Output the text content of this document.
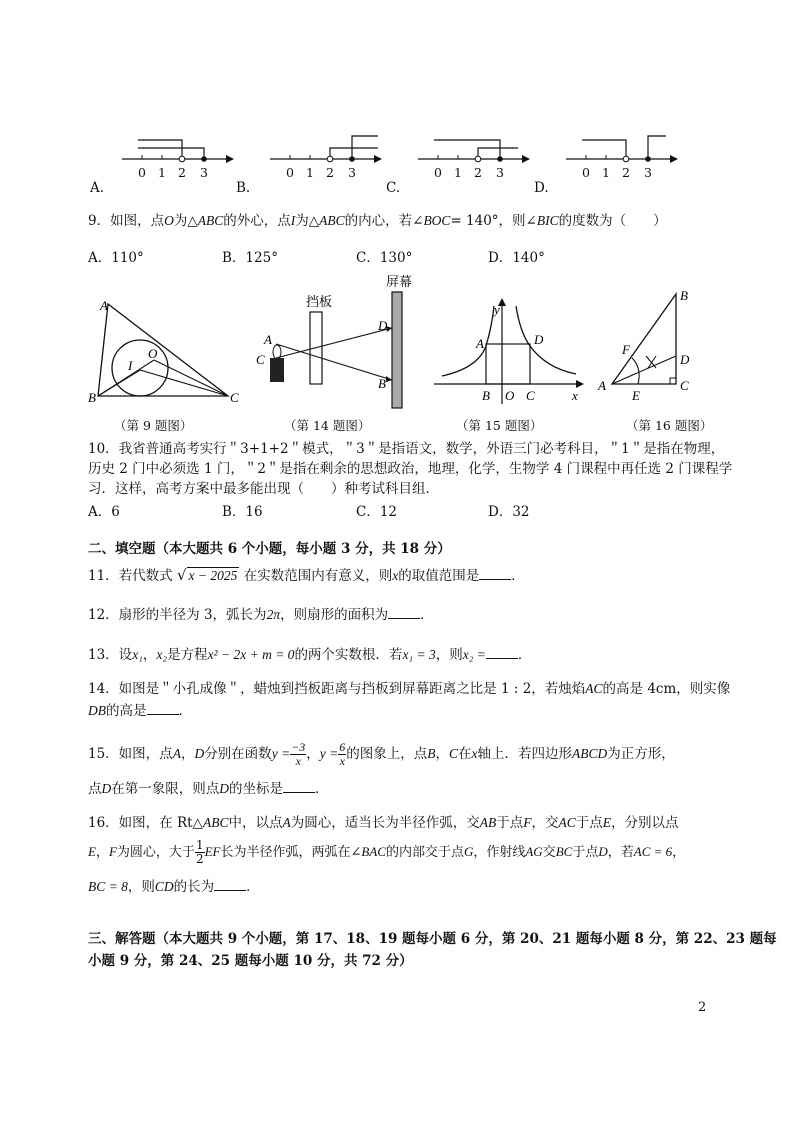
0 1 2 3	0 1 2 3	0 1 2 3	0 1 2 3
A.	B.	C.	D.
9．如图，点O为△ABC的外心，点I为△ABC的内心，若∠BOC= 140°，则∠BIC的度数为（　　）
A．110°	B．125°	C．130°	D．140°
A
I
O
B	C
（第 9 题图）
挡板
屏幕
A
C
D
B
（第 14 题图）
y
A	D
B O C	x
（第 15 题图）
B
F
D
A
E
C
（第 16 题图）
10．我省普通高考实行＂3+1+2＂模式，＂3＂是指语文，数学，外语三门必考科目，＂1＂是指在物理，
历史 2 门中必须选 1 门，＂2＂是指在剩余的思想政治，地理，化学，生物学 4 门课程中再任选 2 门课程学
习．这样，高考方案中最多能出现（　　）种考试科目组．
A．6	B．16	C．12	D．32
二、填空题（本大题共 6 个小题，每小题 3 分，共 18 分）
11．若代数式 √ x − 2025 在实数范围内有意义，则x的取值范围是 ．
12．扇形的半径为 3，弧长为2π，则扇形的面积为 ．
13．设x₁，x₂是方程x² − 2x + m = 0的两个实数根．若x₁ = 3，则x₂ = ．
14．如图是＂小孔成像＂，蜡烛到挡板距离与挡板到屏幕距离之比是 1 : 2，若烛焰AC的高是 4cm，则实像
DB的高是 ．
15．如图，点A，D分别在函数$y = \frac{-3}{x}$ ，$y = \frac{6}{x}$ 的图象上，点B，C在x轴上．若四边形ABCD为正方形，
点D在第一象限，则点D的坐标是 ．
16．如图，在 Rt△ABC中，以点A为圆心，适当长为半径作弧，交AB于点F，交AC于点E，分别以点
E，F为圆心，大于 $\frac{1}{2}$ EF长为半径作弧，两弧在∠BAC的内部交于点G，作射线AG交BC于点D，若AC = 6，
BC = 8，则CD的长为 ．
三、解答题（本大题共 9 个小题，第 17、18、19 题每小题 6 分，第 20、21 题每小题 8 分，第 22、23 题每
小题 9 分，第 24、25 题每小题 10 分，共 72 分）
2
